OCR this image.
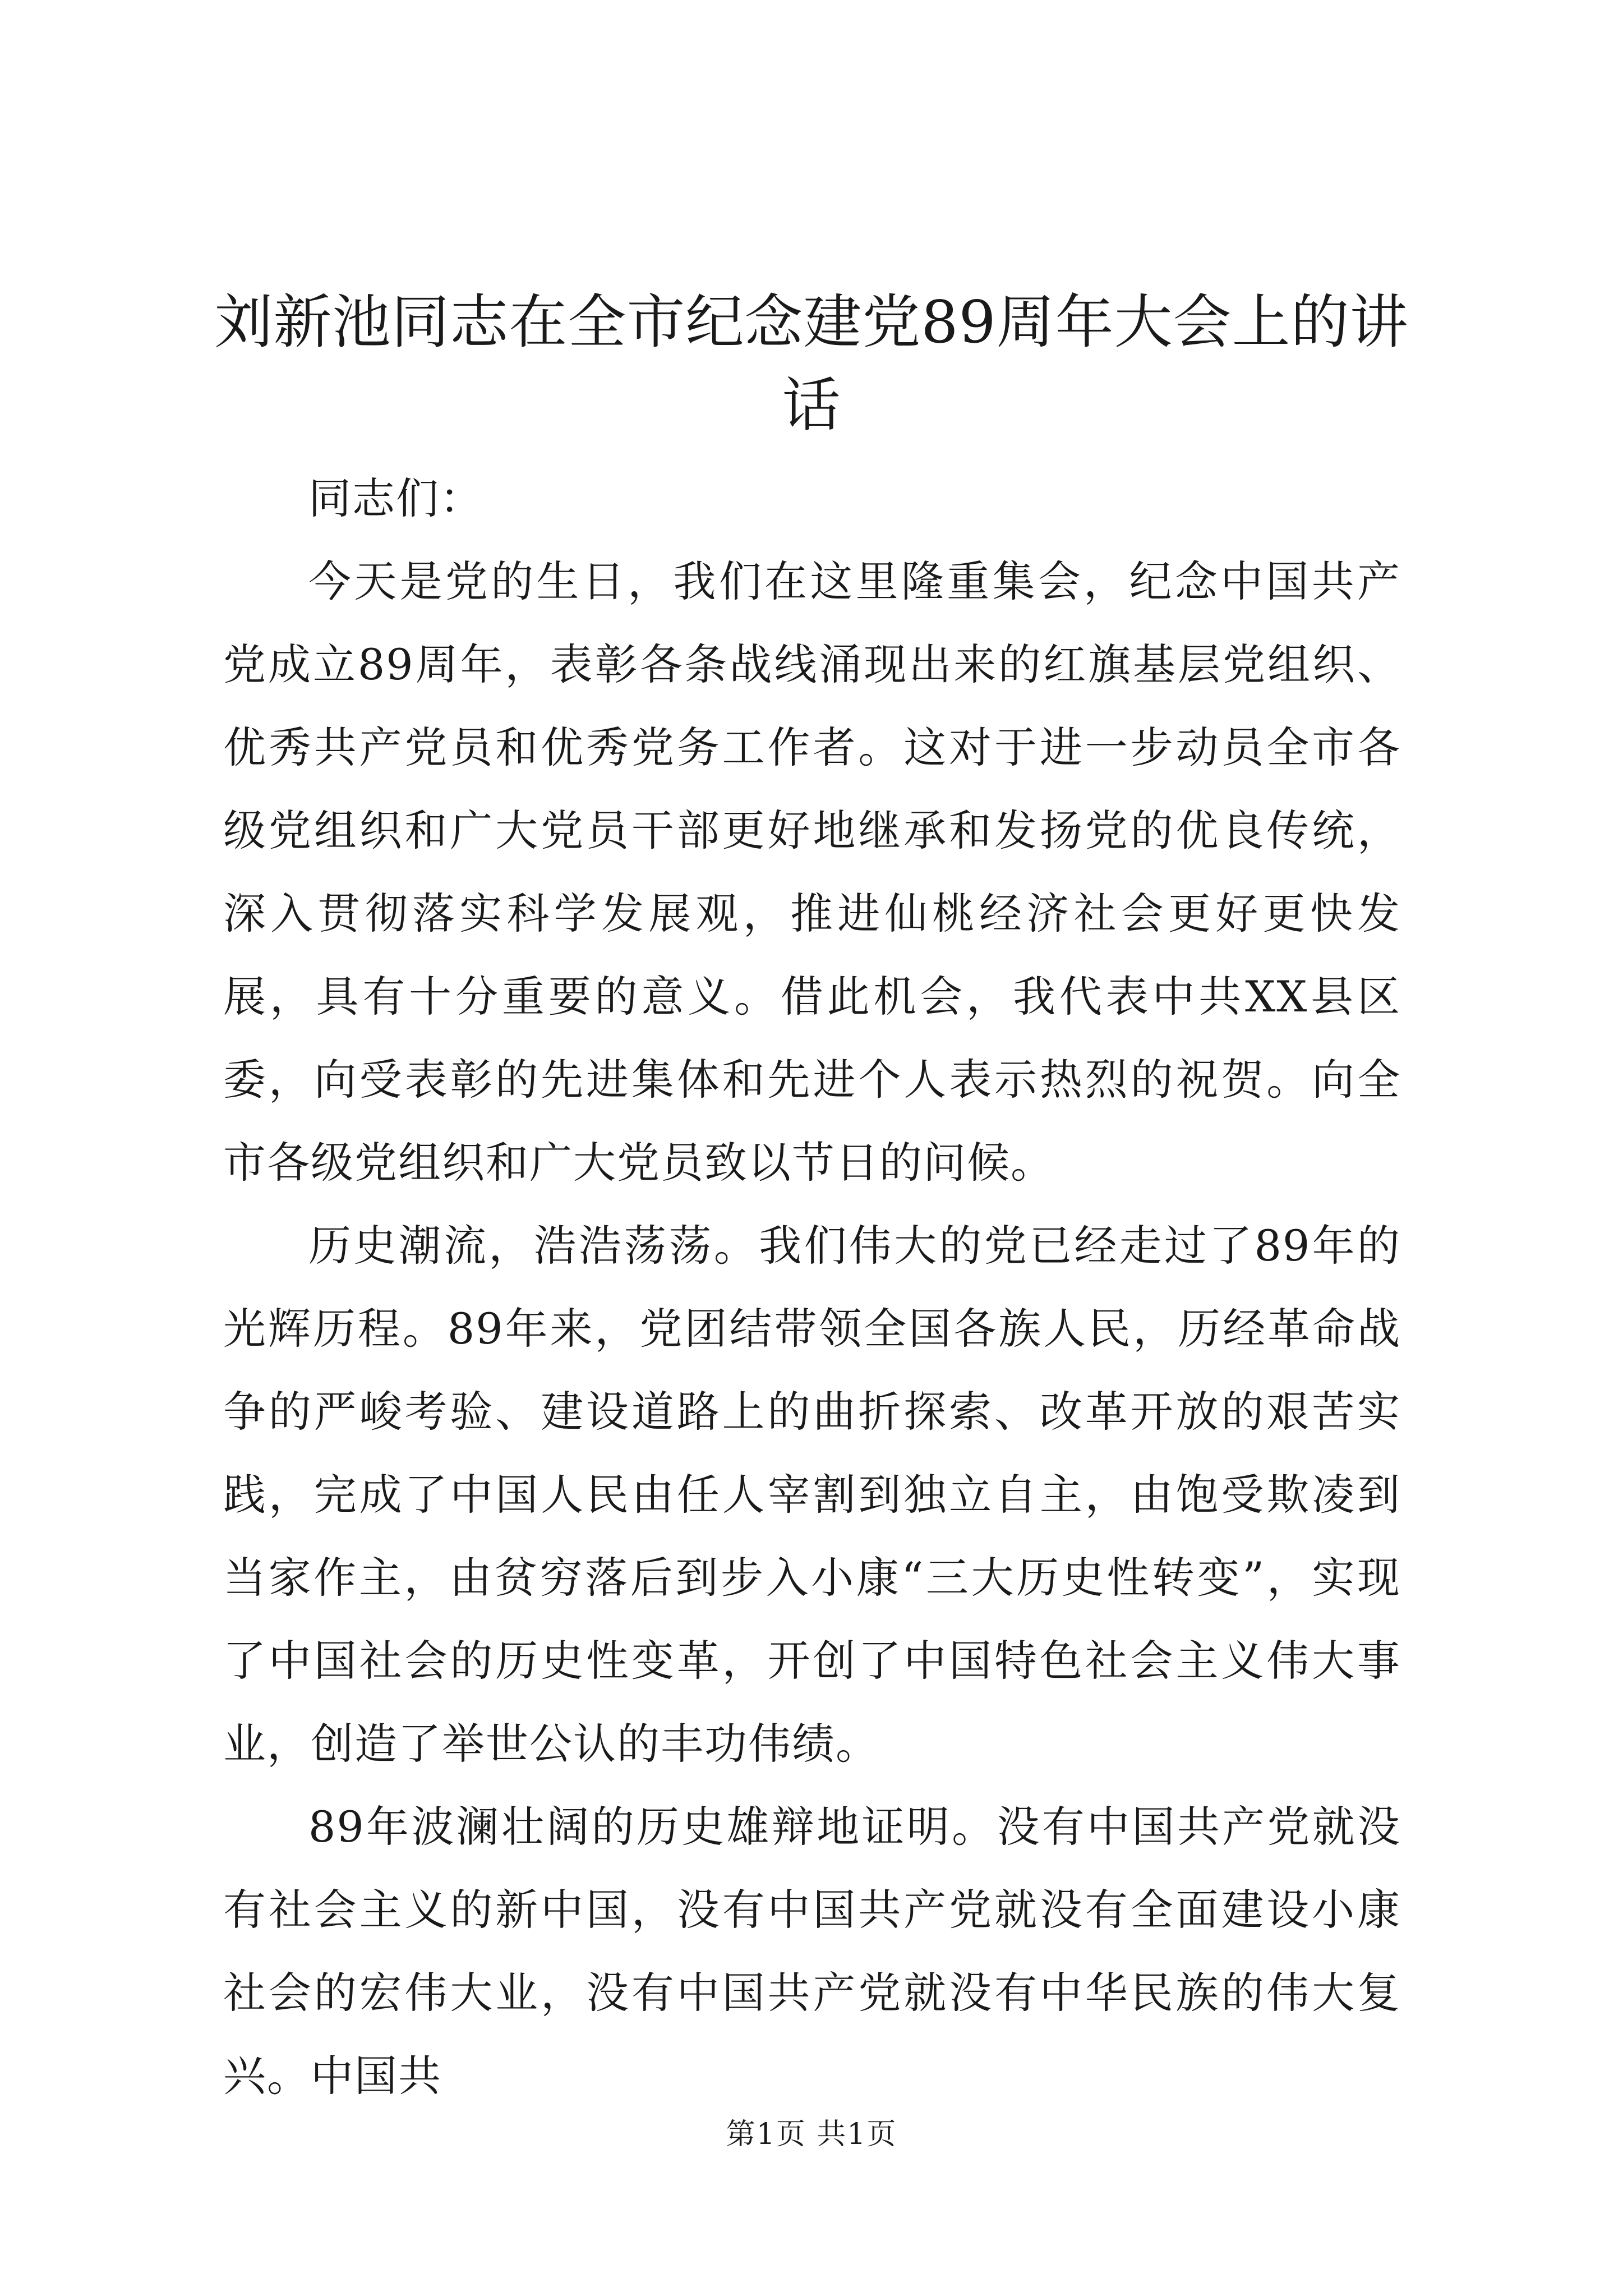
刘新池同志在全市纪念建党89周年大会上的讲话

同志们：

今天是党的生日，我们在这里隆重集会，纪念中国共产党成立89周年，表彰各条战线涌现出来的红旗基层党组织、优秀共产党员和优秀党务工作者。这对于进一步动员全市各级党组织和广大党员干部更好地继承和发扬党的优良传统，深入贯彻落实科学发展观，推进仙桃经济社会更好更快发展，具有十分重要的意义。借此机会，我代表中共XX县区委，向受表彰的先进集体和先进个人表示热烈的祝贺。向全市各级党组织和广大党员致以节日的问候。

历史潮流，浩浩荡荡。我们伟大的党已经走过了89年的光辉历程。89年来，党团结带领全国各族人民，历经革命战争的严峻考验、建设道路上的曲折探索、改革开放的艰苦实践，完成了中国人民由任人宰割到独立自主，由饱受欺凌到当家作主，由贫穷落后到步入小康“三大历史性转变”，实现了中国社会的历史性变革，开创了中国特色社会主义伟大事业，创造了举世公认的丰功伟绩。

89年波澜壮阔的历史雄辩地证明。没有中国共产党就没有社会主义的新中国，没有中国共产党就没有全面建设小康社会的宏伟大业，没有中国共产党就没有中华民族的伟大复兴。中国共

第1页 共1页
